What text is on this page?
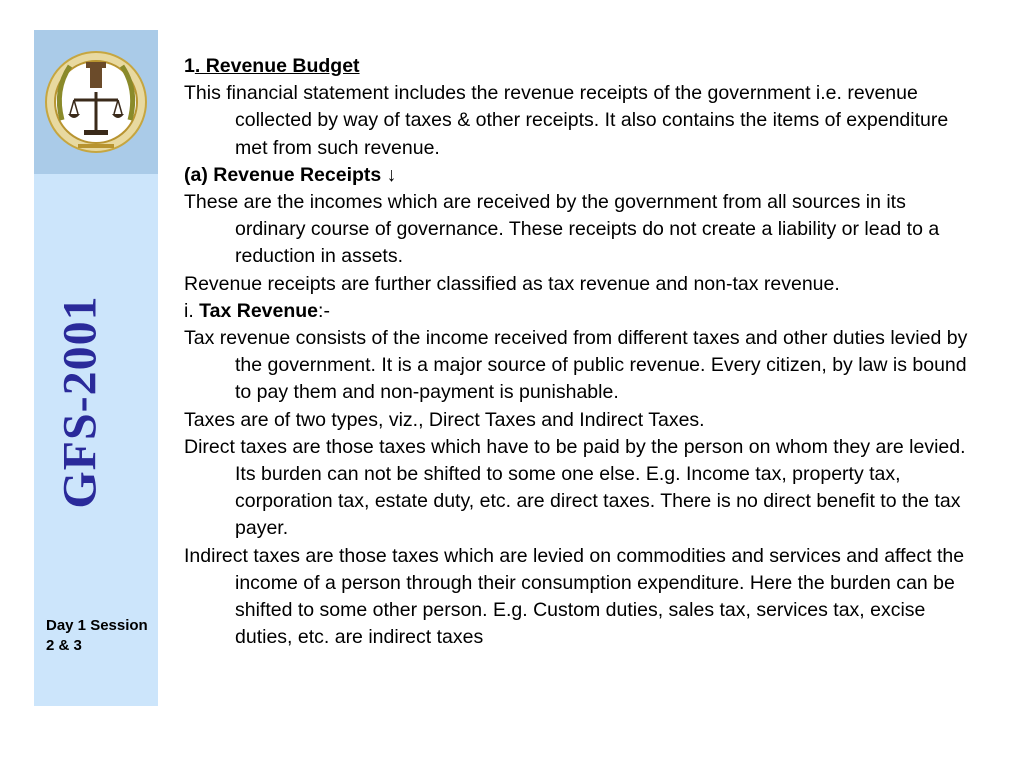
GFS-2001
Day 1 Session 2 & 3

1. Revenue Budget

This financial statement includes the revenue receipts of the government i.e. revenue collected by way of taxes & other receipts. It also contains the items of expenditure met from such revenue.

(a) Revenue Receipts ↓

These are the incomes which are received by the government from all sources in its ordinary course of governance. These receipts do not create a liability or lead to a reduction in assets.

Revenue receipts are further classified as tax revenue and non-tax revenue.

i. Tax Revenue:-

Tax revenue consists of the income received from different taxes and other duties levied by the government. It is a major source of public revenue. Every citizen, by law is bound to pay them and non-payment is punishable.

Taxes are of two types, viz., Direct Taxes and Indirect Taxes.

Direct taxes are those taxes which have to be paid by the person on whom they are levied. Its burden can not be shifted to some one else. E.g. Income tax, property tax, corporation tax, estate duty, etc. are direct taxes. There is no direct benefit to the tax payer.

Indirect taxes are those taxes which are levied on commodities and services and affect the income of a person through their consumption expenditure. Here the burden can be shifted to some other person. E.g. Custom duties, sales tax, services tax, excise duties, etc. are indirect taxes
